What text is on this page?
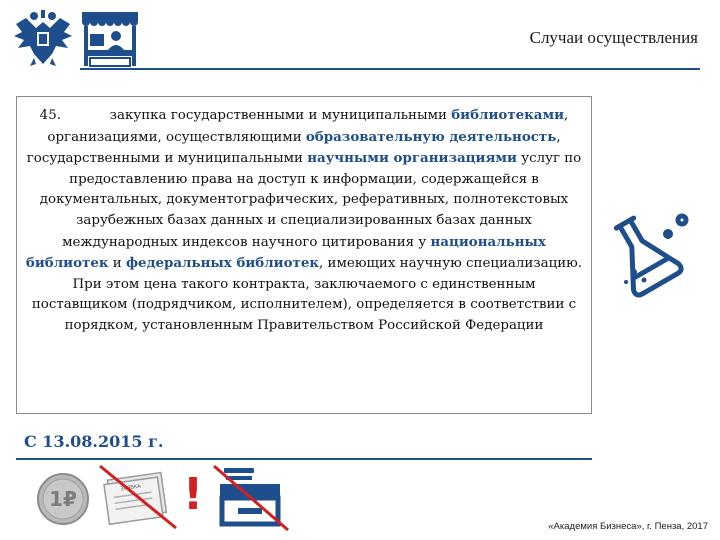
Случаи осуществления

45.	закупка государственными и муниципальными библиотеками, организациями, осуществляющими образовательную деятельность, государственными и муниципальными научными организациями услуг по предоставлению права на доступ к информации, содержащейся в документальных, документографических, реферативных, полнотекстовых зарубежных базах данных и специализированных базах данных международных индексов научного цитирования у национальных библиотек и федеральных библиотек, имеющих научную специализацию. При этом цена такого контракта, заключаемого с единственным поставщиком (подрядчиком, исполнителем), определяется в соответствии с порядком, установленным Правительством Российской Федерации

С 13.08.2015 г.
1₽	ЗАЯВКА !
«Академия Бизнеса», г. Пенза, 2017
